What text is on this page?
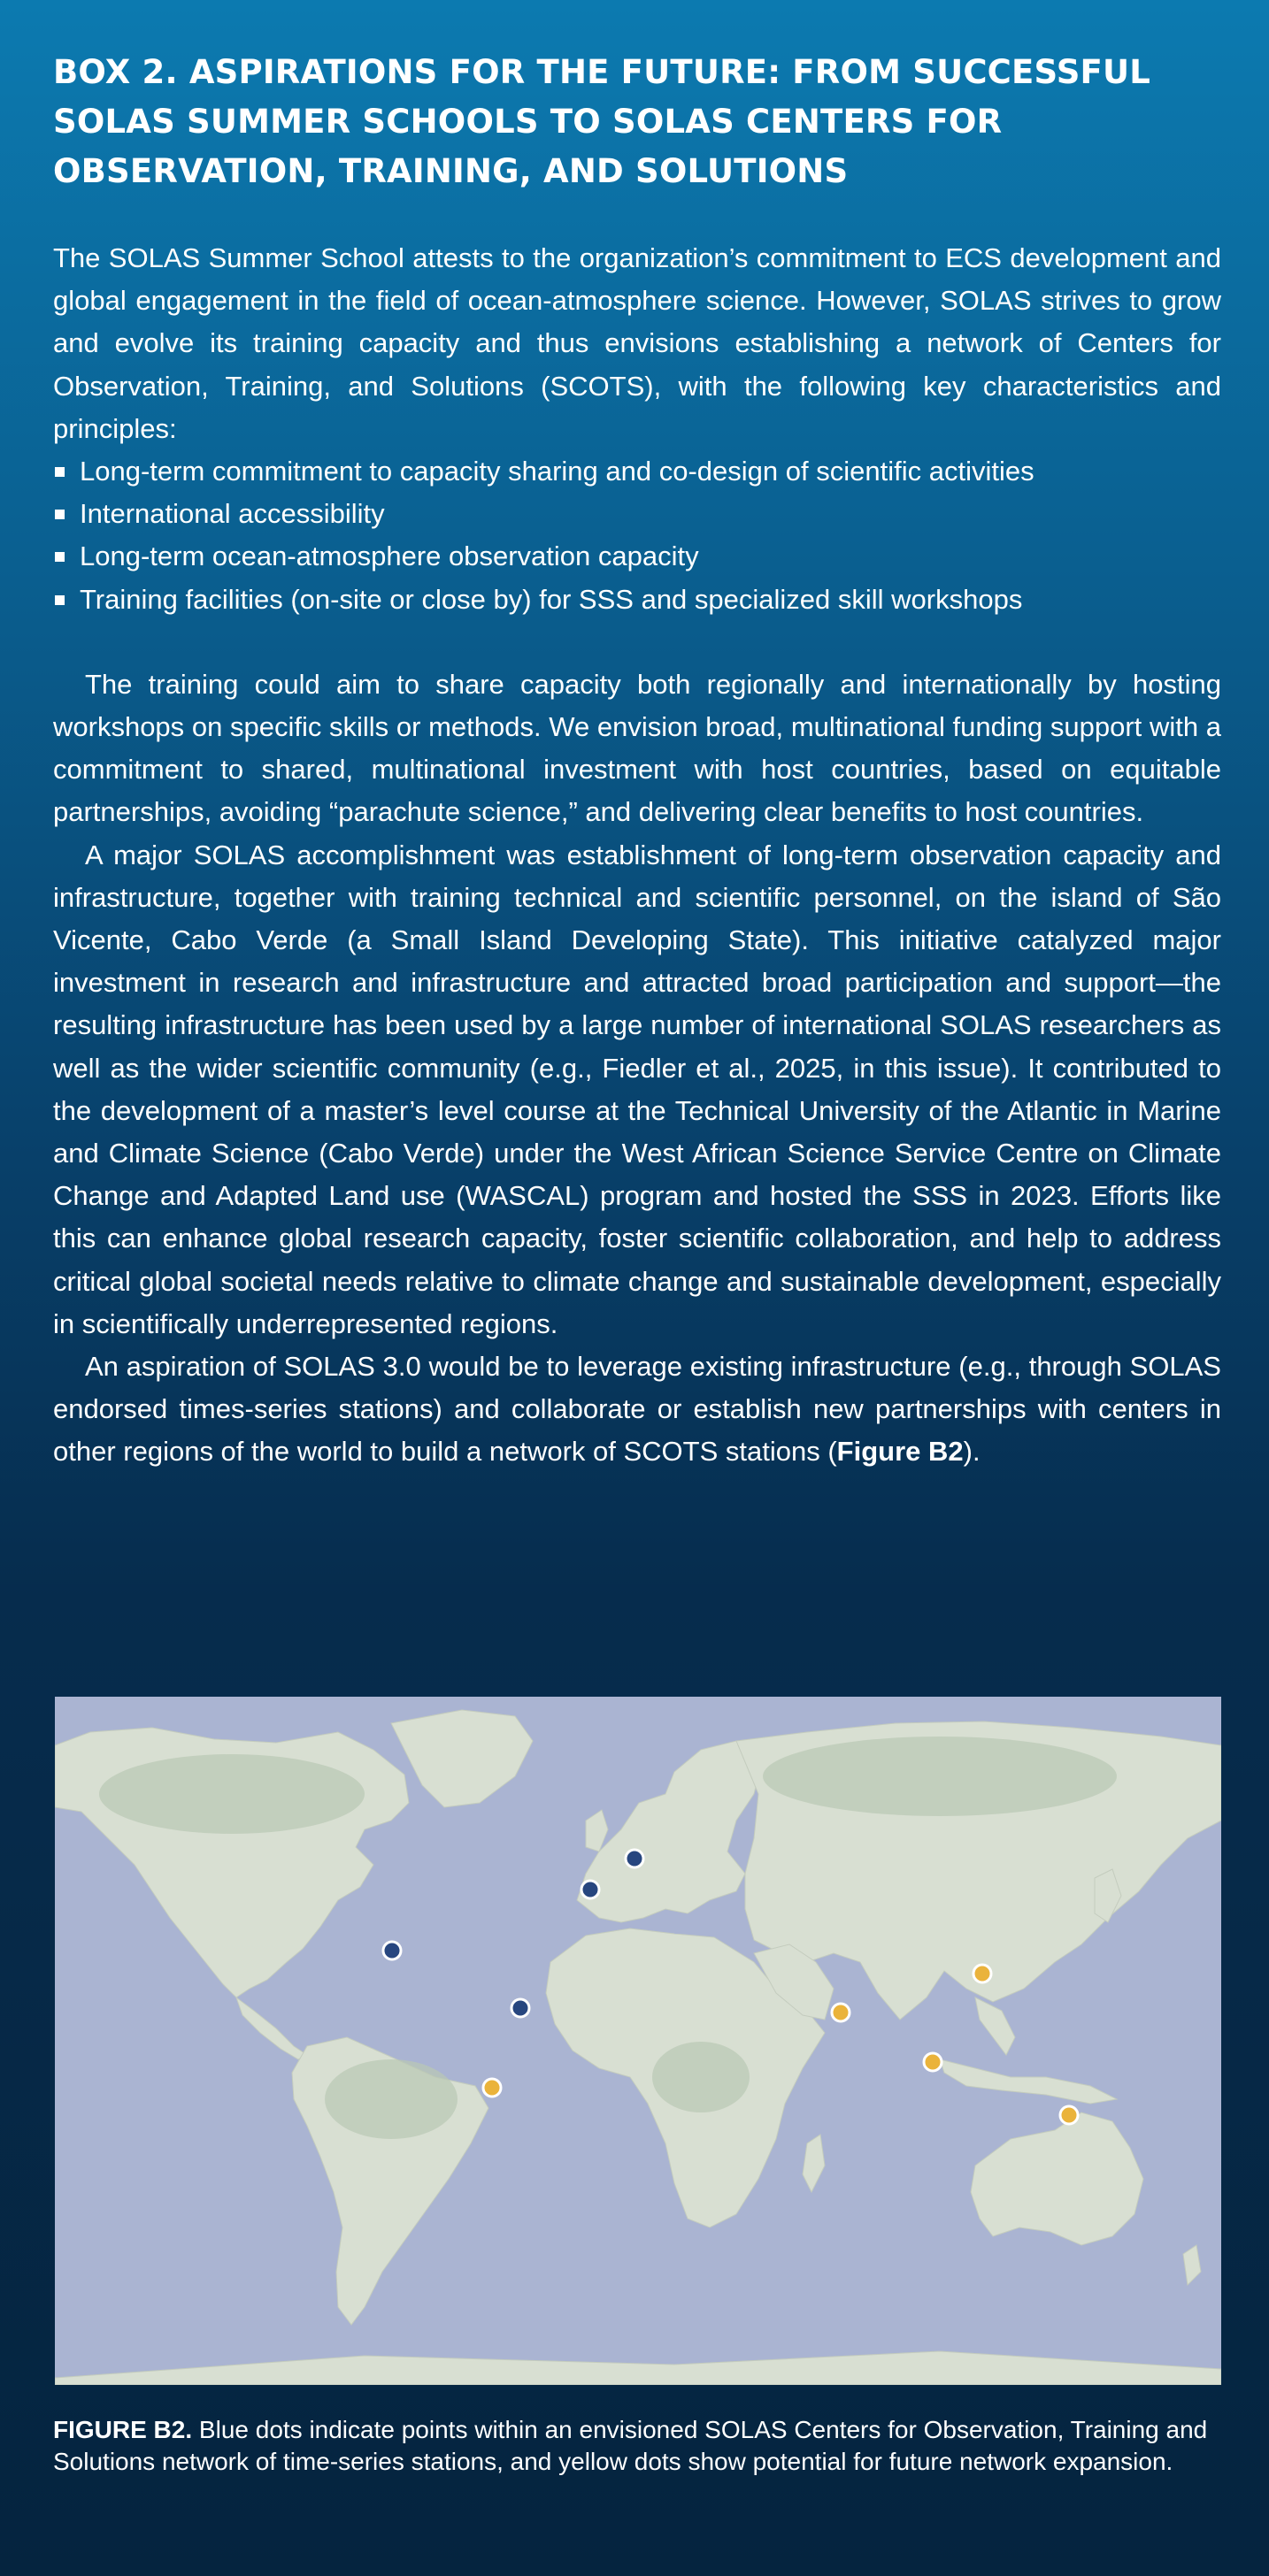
BOX 2. ASPIRATIONS FOR THE FUTURE: FROM SUCCESSFUL SOLAS SUMMER SCHOOLS TO SOLAS CENTERS FOR OBSERVATION, TRAINING, AND SOLUTIONS

The SOLAS Summer School attests to the organization’s commitment to ECS development and global engagement in the field of ocean-atmosphere science. However, SOLAS strives to grow and evolve its training capacity and thus envisions establishing a network of Centers for Observation, Training, and Solutions (SCOTS), with the following key characteristics and principles:

Long-term commitment to capacity sharing and co-design of scientific activities
International accessibility
Long-term ocean-atmosphere observation capacity
Training facilities (on-site or close by) for SSS and specialized skill workshops

The training could aim to share capacity both regionally and internationally by hosting workshops on specific skills or methods. We envision broad, multinational funding support with a commitment to shared, multinational investment with host countries, based on equitable partnerships, avoiding “parachute science,” and delivering clear benefits to host countries.

A major SOLAS accomplishment was establishment of long-term observation capacity and infrastructure, together with training technical and scientific personnel, on the island of São Vicente, Cabo Verde (a Small Island Developing State). This initiative catalyzed major investment in research and infrastructure and attracted broad participation and support—the resulting infrastructure has been used by a large number of international SOLAS researchers as well as the wider scientific community (e.g., Fiedler et al., 2025, in this issue). It contributed to the development of a master’s level course at the Technical University of the Atlantic in Marine and Climate Science (Cabo Verde) under the West African Science Service Centre on Climate Change and Adapted Land use (WASCAL) program and hosted the SSS in 2023. Efforts like this can enhance global research capacity, foster scientific collaboration, and help to address critical global societal needs relative to climate change and sustainable development, especially in scientifically underrepresented regions.

An aspiration of SOLAS 3.0 would be to leverage existing infrastructure (e.g., through SOLAS endorsed times-series stations) and collaborate or establish new partnerships with centers in other regions of the world to build a network of SCOTS stations (Figure B2).

FIGURE B2. Blue dots indicate points within an envisioned SOLAS Centers for Observation, Training and Solutions network of time-series stations, and yellow dots show potential for future network expansion.
